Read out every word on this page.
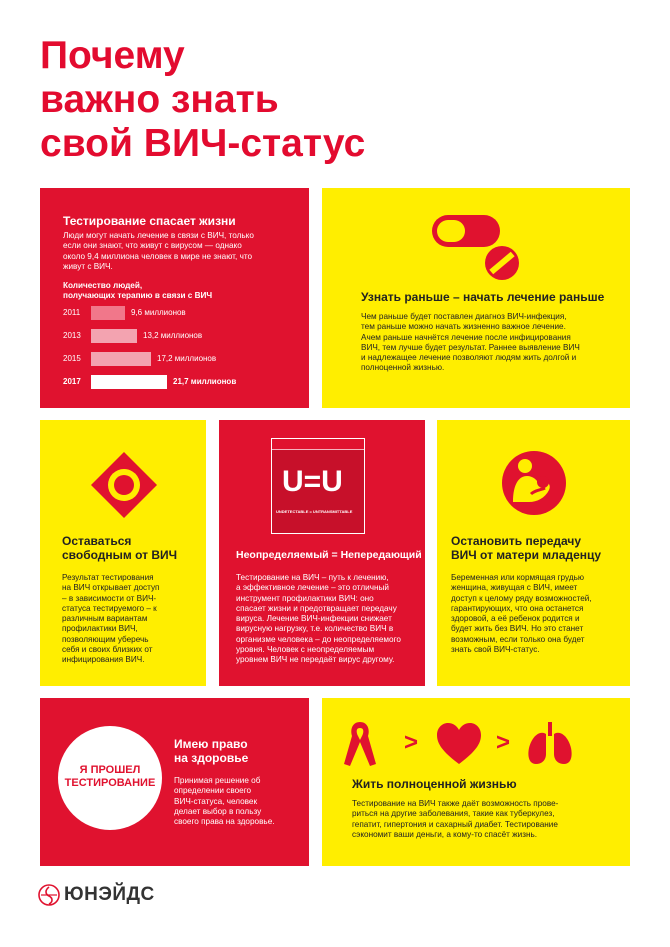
Почему
важно знать
свой ВИЧ-статус
Тестирование спасает жизни
Люди могут начать лечение в связи с ВИЧ, только
если они знают, что живут с вирусом — однако
около 9,4 миллиона человек в мире не знают, что
живут с ВИЧ.
Количество людей,
получающих терапию в связи с ВИЧ
2011	9,6 миллионов
2013	13,2 миллионов
2015	17,2 миллионов
2017	21,7 миллионов
Узнать раньше – начать лечение раньше
Чем раньше будет поставлен диагноз ВИЧ-инфекция,
тем раньше можно начать жизненно важное лечение.
Ачем раньше начнётся лечение после инфицирования
ВИЧ, тем лучше будет результат. Раннее выявление ВИЧ
и надлежащее лечение позволяют людям жить долгой и
полноценной жизнью.
Оставаться
свободным от ВИЧ
Результат тестирования
на ВИЧ открывает доступ
– в зависимости от ВИЧ-
статуса тестируемого – к
различным вариантам
профилактики ВИЧ,
позволяющим уберечь
себя и своих близких от
инфицирования ВИЧ.
U=U
UNDETECTABLE = UNTRANSMITTABLE
Неопределяемый = Непередающий
Тестирование на ВИЧ – путь к лечению,
а эффективное лечение – это отличный
инструмент профилактики ВИЧ: оно
спасает жизни и предотвращает передачу
вируса. Лечение ВИЧ-инфекции снижает
вирусную нагрузку, т.е. количество ВИЧ в
организме человека – до неопределяемого
уровня. Человек с неопределяемым
уровнем ВИЧ не передаёт вирус другому.
Остановить передачу
ВИЧ от матери младенцу
Беременная или кормящая грудью
женщина, живущая с ВИЧ, имеет
доступ к целому ряду возможностей,
гарантирующих, что она останется
здоровой, а её ребенок родится и
будет жить без ВИЧ. Но это станет
возможным, если только она будет
знать свой ВИЧ-статус.
Я ПРОШЕЛ
ТЕСТИРОВАНИЕ
Имею право
на здоровье
Принимая решение об
определении своего
ВИЧ-статуса, человек
делает выбор в пользу
своего права на здоровье.
>	>
Жить полноценной жизнью
Тестирование на ВИЧ также даёт возможность прове-
риться на другие заболевания, такие как туберкулез,
гепатит, гипертония и сахарный диабет. Тестирование
сэкономит ваши деньги, а кому-то спасёт жизнь.
ЮНЭЙДС
